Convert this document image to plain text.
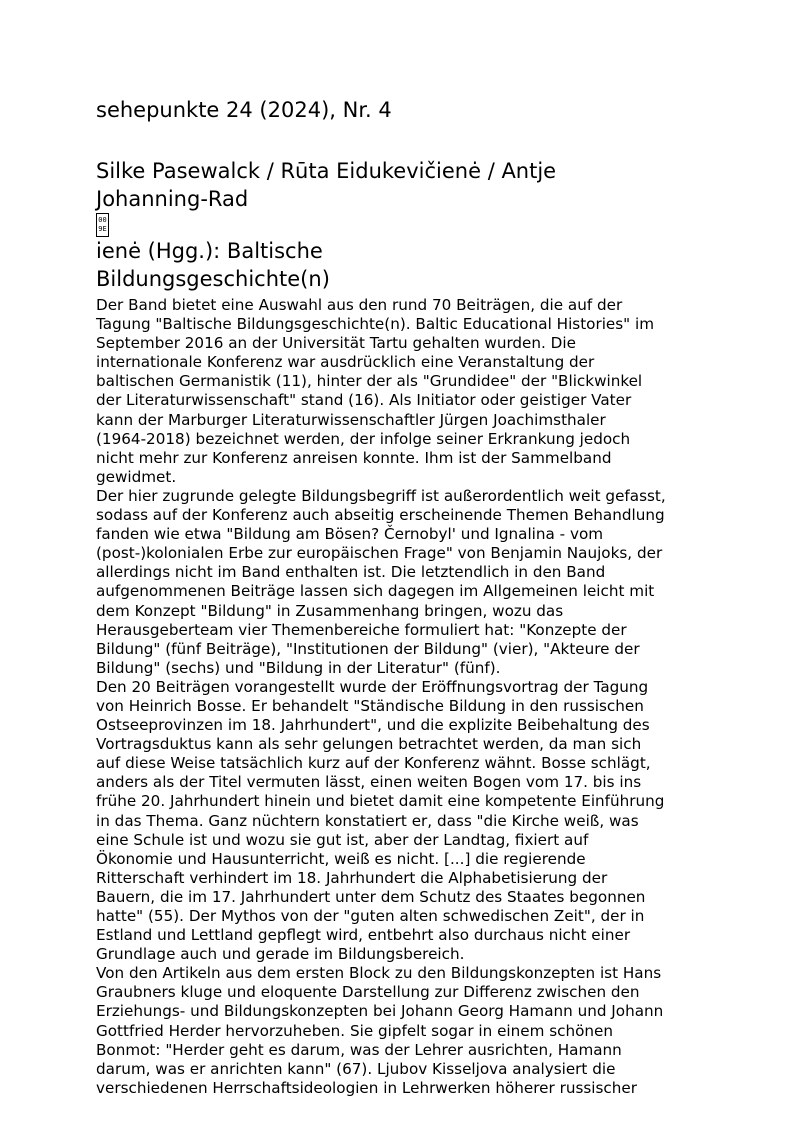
sehepunkte 24 (2024), Nr. 4
Silke Pasewalck / Rūta Eidukevičienė / Antje
Johanning-Rad
00
9E
ienė (Hgg.): Baltische
Bildungsgeschichte(n)

Der Band bietet eine Auswahl aus den rund 70 Beiträgen, die auf der
Tagung "Baltische Bildungsgeschichte(n). Baltic Educational Histories" im
September 2016 an der Universität Tartu gehalten wurden. Die
internationale Konferenz war ausdrücklich eine Veranstaltung der
baltischen Germanistik (11), hinter der als "Grundidee" der "Blickwinkel
der Literaturwissenschaft" stand (16). Als Initiator oder geistiger Vater
kann der Marburger Literaturwissenschaftler Jürgen Joachimsthaler
(1964-2018) bezeichnet werden, der infolge seiner Erkrankung jedoch
nicht mehr zur Konferenz anreisen konnte. Ihm ist der Sammelband
gewidmet.

Der hier zugrunde gelegte Bildungsbegriff ist außerordentlich weit gefasst,
sodass auf der Konferenz auch abseitig erscheinende Themen Behandlung
fanden wie etwa "Bildung am Bösen? Černobyl' und Ignalina - vom
(post-)kolonialen Erbe zur europäischen Frage" von Benjamin Naujoks, der
allerdings nicht im Band enthalten ist. Die letztendlich in den Band
aufgenommenen Beiträge lassen sich dagegen im Allgemeinen leicht mit
dem Konzept "Bildung" in Zusammenhang bringen, wozu das
Herausgeberteam vier Themenbereiche formuliert hat: "Konzepte der
Bildung" (fünf Beiträge), "Institutionen der Bildung" (vier), "Akteure der
Bildung" (sechs) und "Bildung in der Literatur" (fünf).

Den 20 Beiträgen vorangestellt wurde der Eröffnungsvortrag der Tagung
von Heinrich Bosse. Er behandelt "Ständische Bildung in den russischen
Ostseeprovinzen im 18. Jahrhundert", und die explizite Beibehaltung des
Vortragsduktus kann als sehr gelungen betrachtet werden, da man sich
auf diese Weise tatsächlich kurz auf der Konferenz wähnt. Bosse schlägt,
anders als der Titel vermuten lässt, einen weiten Bogen vom 17. bis ins
frühe 20. Jahrhundert hinein und bietet damit eine kompetente Einführung
in das Thema. Ganz nüchtern konstatiert er, dass "die Kirche weiß, was
eine Schule ist und wozu sie gut ist, aber der Landtag, fixiert auf
Ökonomie und Hausunterricht, weiß es nicht. [...] die regierende
Ritterschaft verhindert im 18. Jahrhundert die Alphabetisierung der
Bauern, die im 17. Jahrhundert unter dem Schutz des Staates begonnen
hatte" (55). Der Mythos von der "guten alten schwedischen Zeit", der in
Estland und Lettland gepflegt wird, entbehrt also durchaus nicht einer
Grundlage auch und gerade im Bildungsbereich.

Von den Artikeln aus dem ersten Block zu den Bildungskonzepten ist Hans
Graubners kluge und eloquente Darstellung zur Differenz zwischen den
Erziehungs- und Bildungskonzepten bei Johann Georg Hamann und Johann
Gottfried Herder hervorzuheben. Sie gipfelt sogar in einem schönen
Bonmot: "Herder geht es darum, was der Lehrer ausrichten, Hamann
darum, was er anrichten kann" (67). Ljubov Kisseljova analysiert die
verschiedenen Herrschaftsideologien in Lehrwerken höherer russischer
